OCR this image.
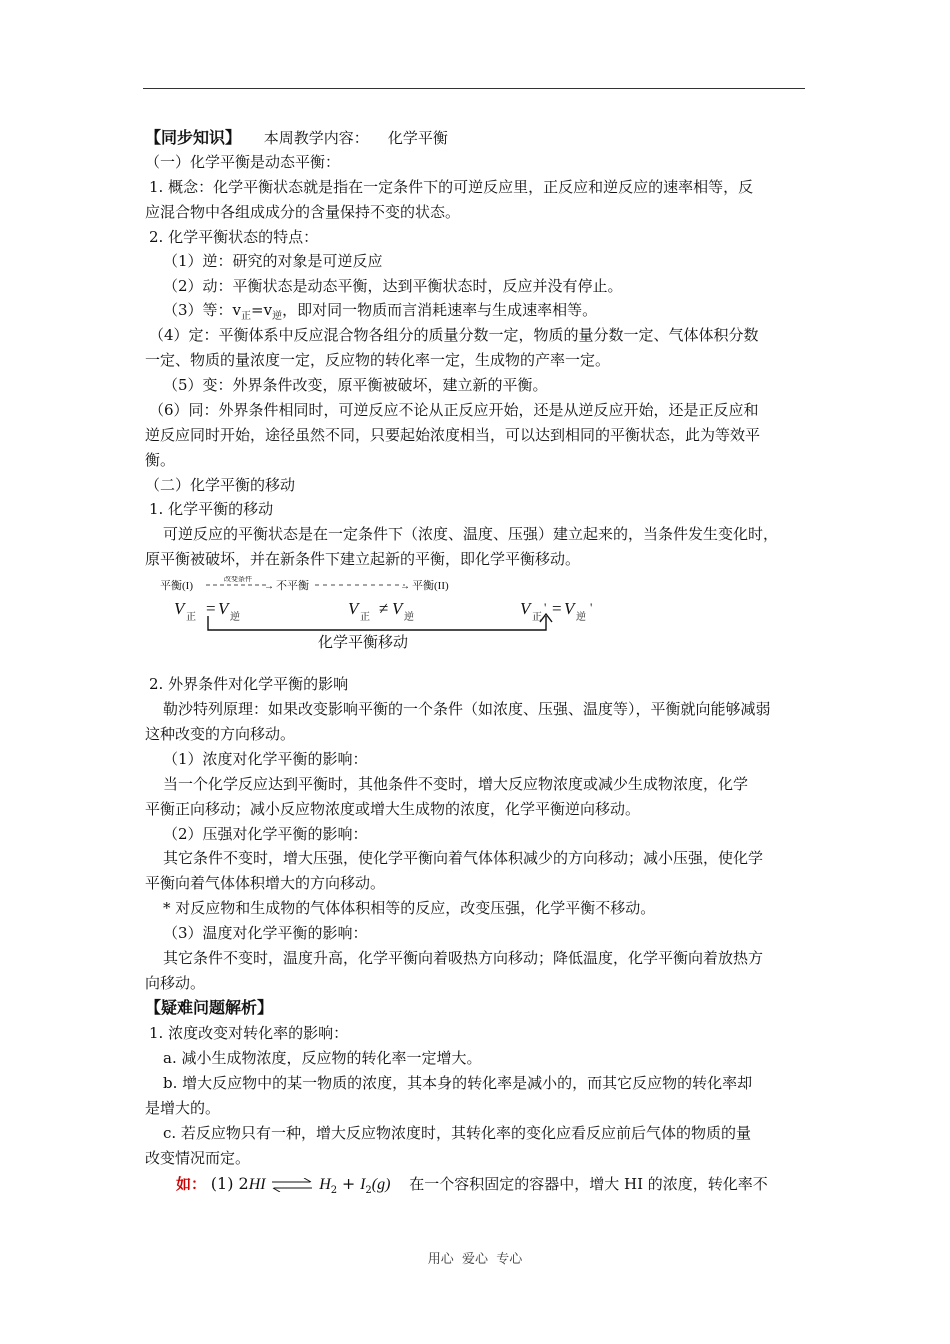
【同步知识】 本周教学内容：    化学平衡
（一）化学平衡是动态平衡：
1. 概念：化学平衡状态就是指在一定条件下的可逆反应里，正反应和逆反应的速率相等，反
应混合物中各组成成分的含量保持不变的状态。
2. 化学平衡状态的特点：
（1）逆：研究的对象是可逆反应
（2）动：平衡状态是动态平衡，达到平衡状态时，反应并没有停止。
（3）等：$v_正=v_逆$，即对同一物质而言消耗速率与生成速率相等。
（4）定：平衡体系中反应混合物各组分的质量分数一定，物质的量分数一定、气体体积分数
一定、物质的量浓度一定，反应物的转化率一定，生成物的产率一定。
（5）变：外界条件改变，原平衡被破坏，建立新的平衡。
（6）同：外界条件相同时，可逆反应不论从正反应开始，还是从逆反应开始，还是正反应和
逆反应同时开始，途径虽然不同，只要起始浓度相当，可以达到相同的平衡状态，此为等效平
衡。
（二）化学平衡的移动
1. 化学平衡的移动
可逆反应的平衡状态是在一定条件下（浓度、温度、压强）建立起来的，当条件发生变化时，
原平衡被破坏，并在新条件下建立起新的平衡，即化学平衡移动。
平衡(I)
改变条件
→ 不平衡	→ 平衡(II)
V 正 = V 逆	V 正 ≠ V 逆	V 正
' = V 逆
'
化学平衡移动
2. 外界条件对化学平衡的影响
勒沙特列原理：如果改变影响平衡的一个条件（如浓度、压强、温度等），平衡就向能够减弱
这种改变的方向移动。
（1）浓度对化学平衡的影响：
当一个化学反应达到平衡时，其他条件不变时，增大反应物浓度或减少生成物浓度，化学
平衡正向移动；减小反应物浓度或增大生成物的浓度，化学平衡逆向移动。
（2）压强对化学平衡的影响：
其它条件不变时，增大压强，使化学平衡向着气体体积减少的方向移动；减小压强，使化学
平衡向着气体体积增大的方向移动。
* 对反应物和生成物的气体体积相等的反应，改变压强，化学平衡不移动。
（3）温度对化学平衡的影响：
其它条件不变时，温度升高，化学平衡向着吸热方向移动；降低温度，化学平衡向着放热方
向移动。
【疑难问题解析】
1. 浓度改变对转化率的影响：
a. 减小生成物浓度，反应物的转化率一定增大。
b. 增大反应物中的某一物质的浓度，其本身的转化率是减小的，而其它反应物的转化率却
是增大的。
c. 若反应物只有一种，增大反应物浓度时，其转化率的变化应看反应前后气体的物质的量
改变情况而定。
如： (1) 2HI ⇌ $H_2 + I_2(g)$ 在一个容积固定的容器中，增大 HI 的浓度，转化率不
用心  爱心  专心
